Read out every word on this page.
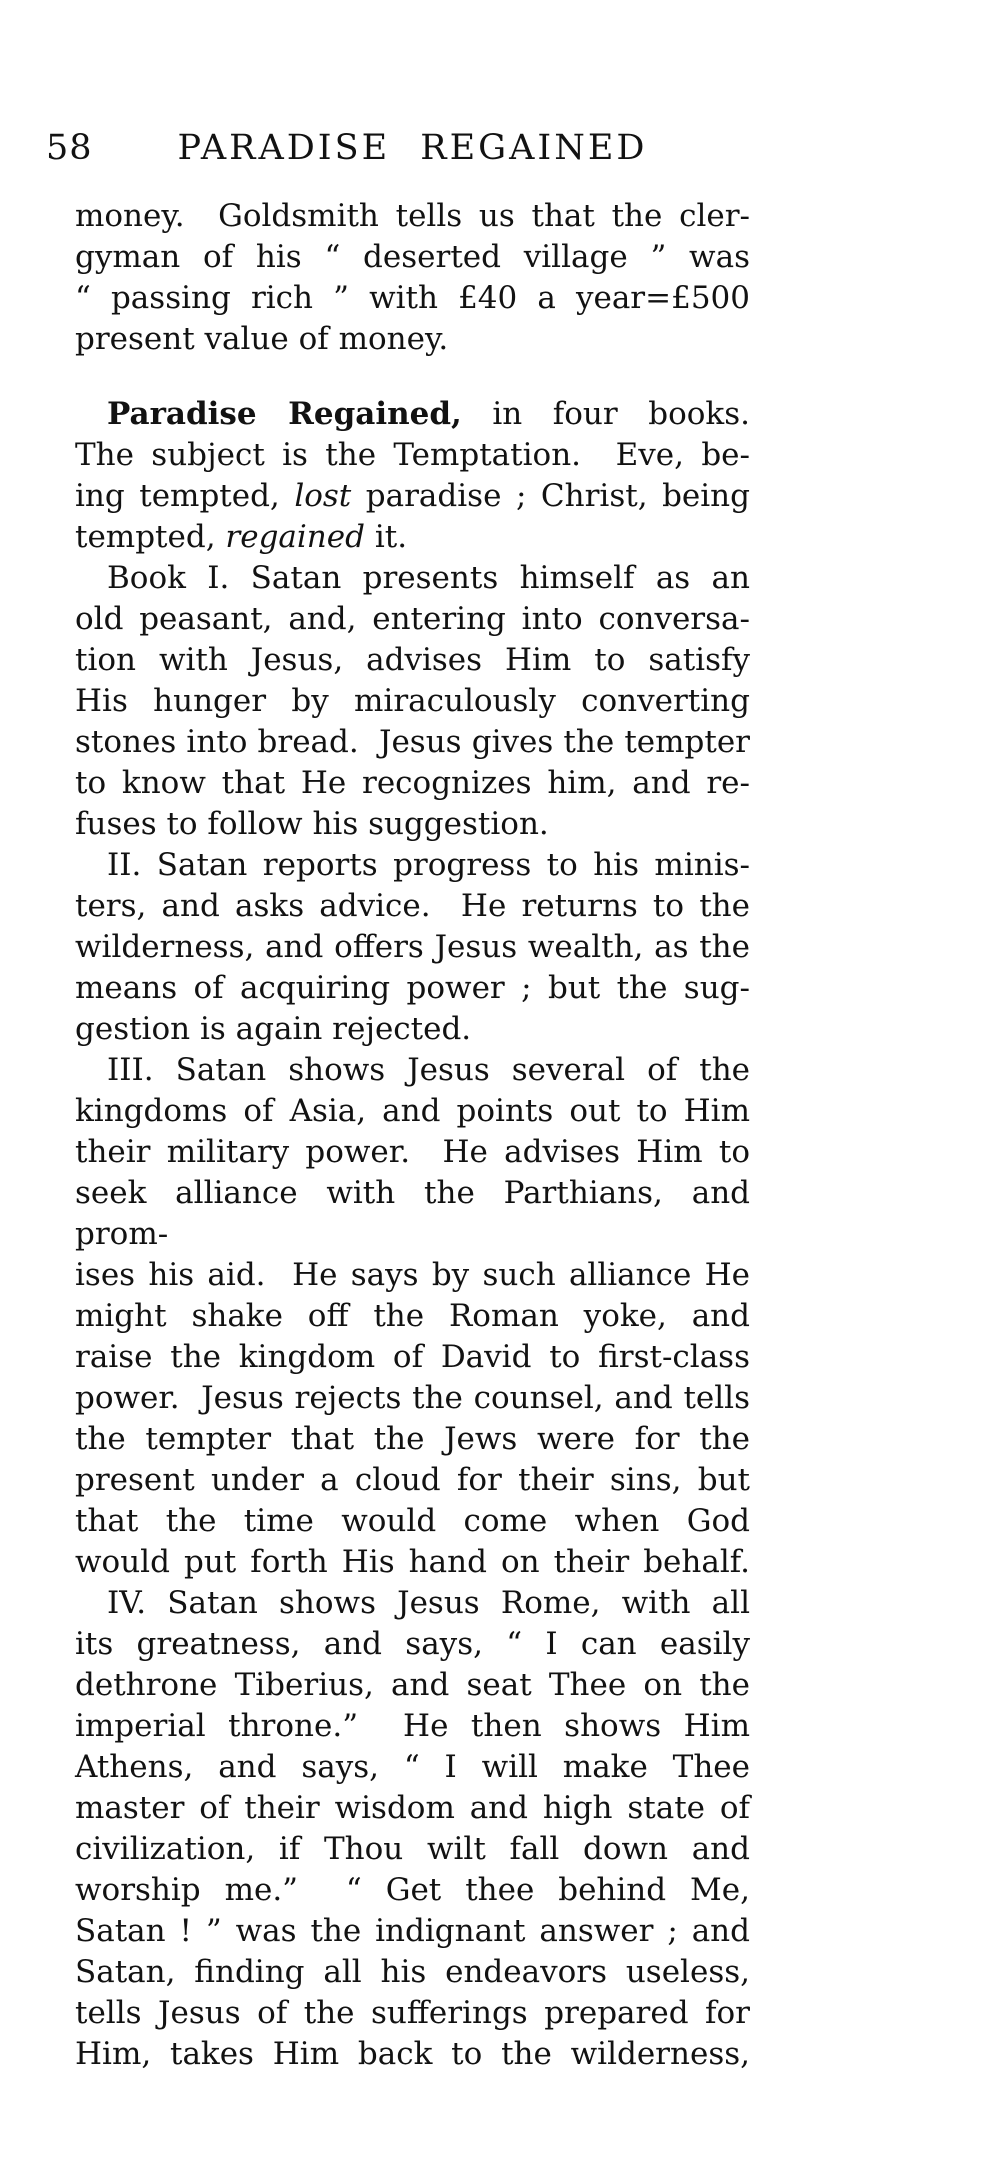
58	PARADISE REGAINED
money.  Goldsmith tells us that the cler-
gyman of his “ deserted village ” was
“ passing rich ” with £40 a year=£500
present value of money.
Paradise Regained, in four books.
The subject is the Temptation.  Eve, be-
ing tempted, lost paradise ; Christ, being
tempted, regained it.
Book I. Satan presents himself as an
old peasant, and, entering into conversa-
tion with Jesus, advises Him to satisfy
His hunger by miraculously converting
stones into bread.  Jesus gives the tempter
to know that He recognizes him, and re-
fuses to follow his suggestion.
II. Satan reports progress to his minis-
ters, and asks advice.  He returns to the
wilderness, and offers Jesus wealth, as the
means of acquiring power ; but the sug-
gestion is again rejected.
III. Satan shows Jesus several of the
kingdoms of Asia, and points out to Him
their military power.  He advises Him to
seek alliance with the Parthians, and prom-
ises his aid.  He says by such alliance He
might shake off the Roman yoke, and
raise the kingdom of David to first-class
power.  Jesus rejects the counsel, and tells
the tempter that the Jews were for the
present under a cloud for their sins, but
that the time would come when God
would put forth His hand on their behalf.
IV. Satan shows Jesus Rome, with all
its greatness, and says, “ I can easily
dethrone Tiberius, and seat Thee on the
imperial throne.”  He then shows Him
Athens, and says, “ I will make Thee
master of their wisdom and high state of
civilization, if Thou wilt fall down and
worship me.”  “ Get thee behind Me,
Satan ! ” was the indignant answer ; and
Satan, finding all his endeavors useless,
tells Jesus of the sufferings prepared for
Him, takes Him back to the wilderness,
